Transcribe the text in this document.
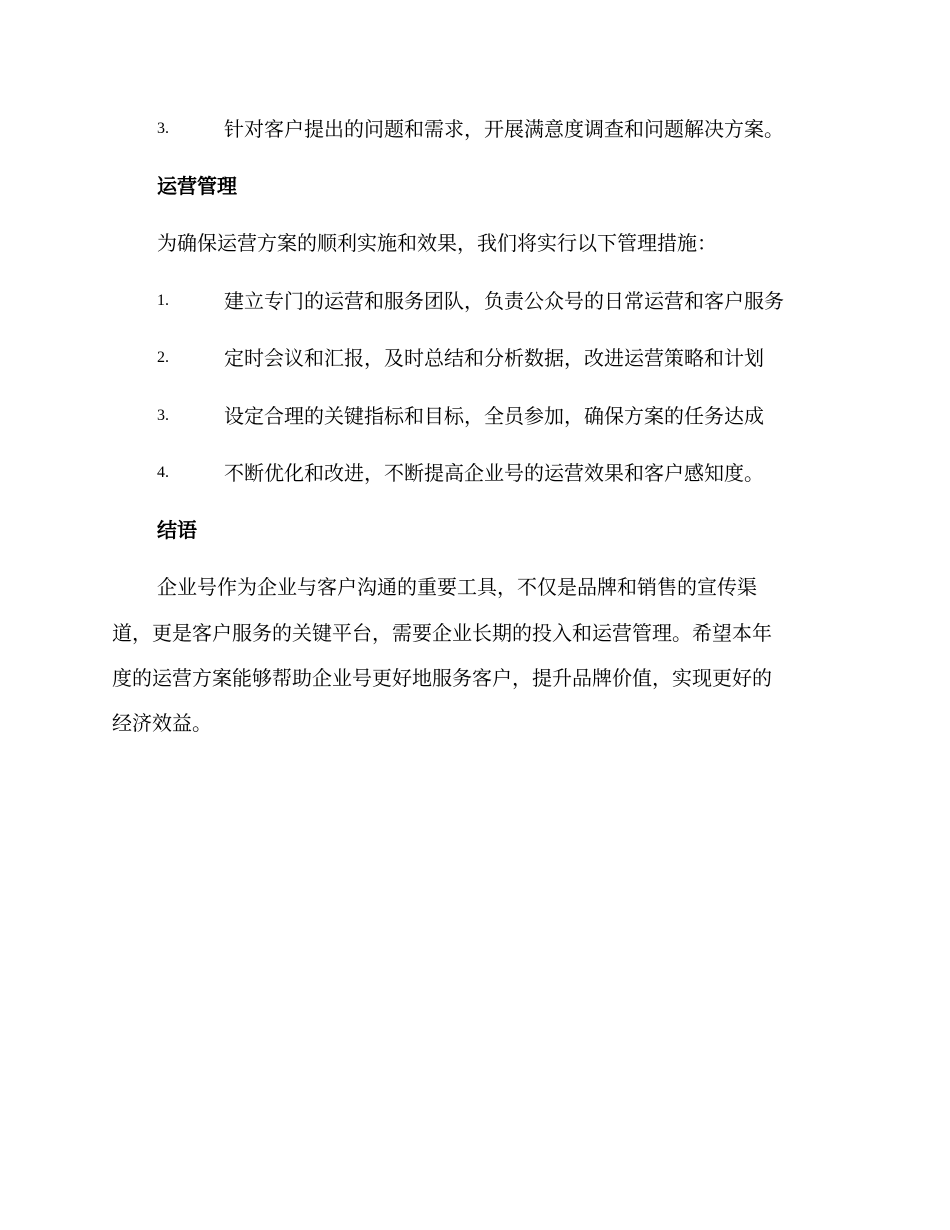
3.	针对客户提出的问题和需求，开展满意度调查和问题解决方案。
运营管理
为确保运营方案的顺利实施和效果，我们将实行以下管理措施：
1.	建立专门的运营和服务团队，负责公众号的日常运营和客户服务
2.	定时会议和汇报，及时总结和分析数据，改进运营策略和计划
3.	设定合理的关键指标和目标，全员参加，确保方案的任务达成
4.	不断优化和改进，不断提高企业号的运营效果和客户感知度。
结语
企业号作为企业与客户沟通的重要工具，不仅是品牌和销售的宣传渠
道，更是客户服务的关键平台，需要企业长期的投入和运营管理。希望本年
度的运营方案能够帮助企业号更好地服务客户，提升品牌价值，实现更好的
经济效益。
